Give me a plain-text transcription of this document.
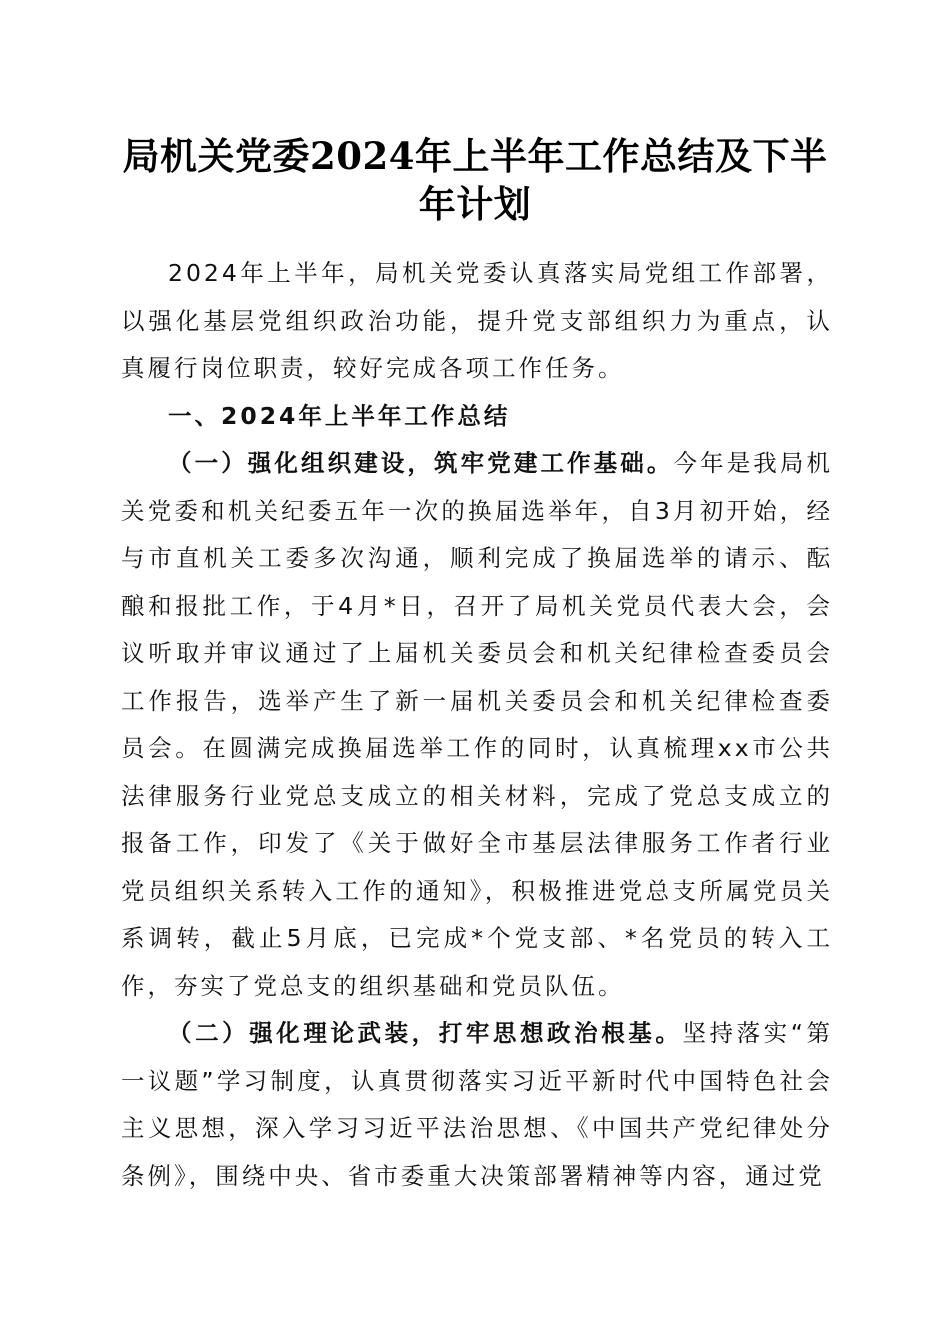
局机关党委2024年上半年工作总结及下半年计划

2024年上半年，局机关党委认真落实局党组工作部署，以强化基层党组织政治功能，提升党支部组织力为重点，认真履行岗位职责，较好完成各项工作任务。

一、2024年上半年工作总结

（一）强化组织建设，筑牢党建工作基础。今年是我局机关党委和机关纪委五年一次的换届选举年，自3月初开始，经与市直机关工委多次沟通，顺利完成了换届选举的请示、酝酿和报批工作，于4月*日，召开了局机关党员代表大会，会议听取并审议通过了上届机关委员会和机关纪律检查委员会工作报告，选举产生了新一届机关委员会和机关纪律检查委员会。在圆满完成换届选举工作的同时，认真梳理xx市公共法律服务行业党总支成立的相关材料，完成了党总支成立的报备工作，印发了《关于做好全市基层法律服务工作者行业党员组织关系转入工作的通知》，积极推进党总支所属党员关系调转，截止5月底，已完成*个党支部、*名党员的转入工作，夯实了党总支的组织基础和党员队伍。

（二）强化理论武装，打牢思想政治根基。坚持落实“第一议题”学习制度，认真贯彻落实习近平新时代中国特色社会主义思想，深入学习习近平法治思想、《中国共产党纪律处分条例》，围绕中央、省市委重大决策部署精神等内容，通过党
